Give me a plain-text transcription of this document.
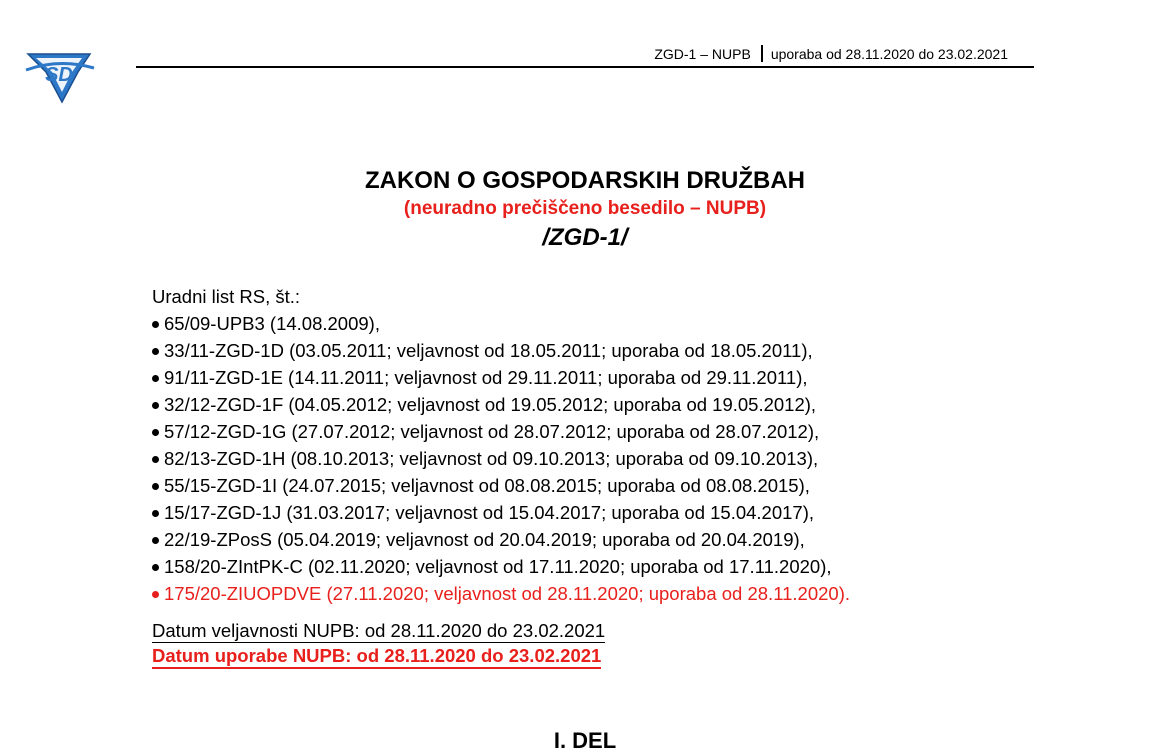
SD
ZGD-1 – NUPB uporaba od 28.11.2020 do 23.02.2021

ZAKON O GOSPODARSKIH DRUŽBAH

(neuradno prečiščeno besedilo – NUPB)

/ZGD-1/

Uradni list RS, št.:
65/09-UPB3 (14.08.2009),
33/11-ZGD-1D (03.05.2011; veljavnost od 18.05.2011; uporaba od 18.05.2011),
91/11-ZGD-1E (14.11.2011; veljavnost od 29.11.2011; uporaba od 29.11.2011),
32/12-ZGD-1F (04.05.2012; veljavnost od 19.05.2012; uporaba od 19.05.2012),
57/12-ZGD-1G (27.07.2012; veljavnost od 28.07.2012; uporaba od 28.07.2012),
82/13-ZGD-1H (08.10.2013; veljavnost od 09.10.2013; uporaba od 09.10.2013),
55/15-ZGD-1I (24.07.2015; veljavnost od 08.08.2015; uporaba od 08.08.2015),
15/17-ZGD-1J (31.03.2017; veljavnost od 15.04.2017; uporaba od 15.04.2017),
22/19-ZPosS (05.04.2019; veljavnost od 20.04.2019; uporaba od 20.04.2019),
158/20-ZIntPK-C (02.11.2020; veljavnost od 17.11.2020; uporaba od 17.11.2020),
175/20-ZIUOPDVE (27.11.2020; veljavnost od 28.11.2020; uporaba od 28.11.2020).
Datum veljavnosti NUPB: od 28.11.2020 do 23.02.2021
Datum uporabe NUPB: od 28.11.2020 do 23.02.2021
I. DEL
